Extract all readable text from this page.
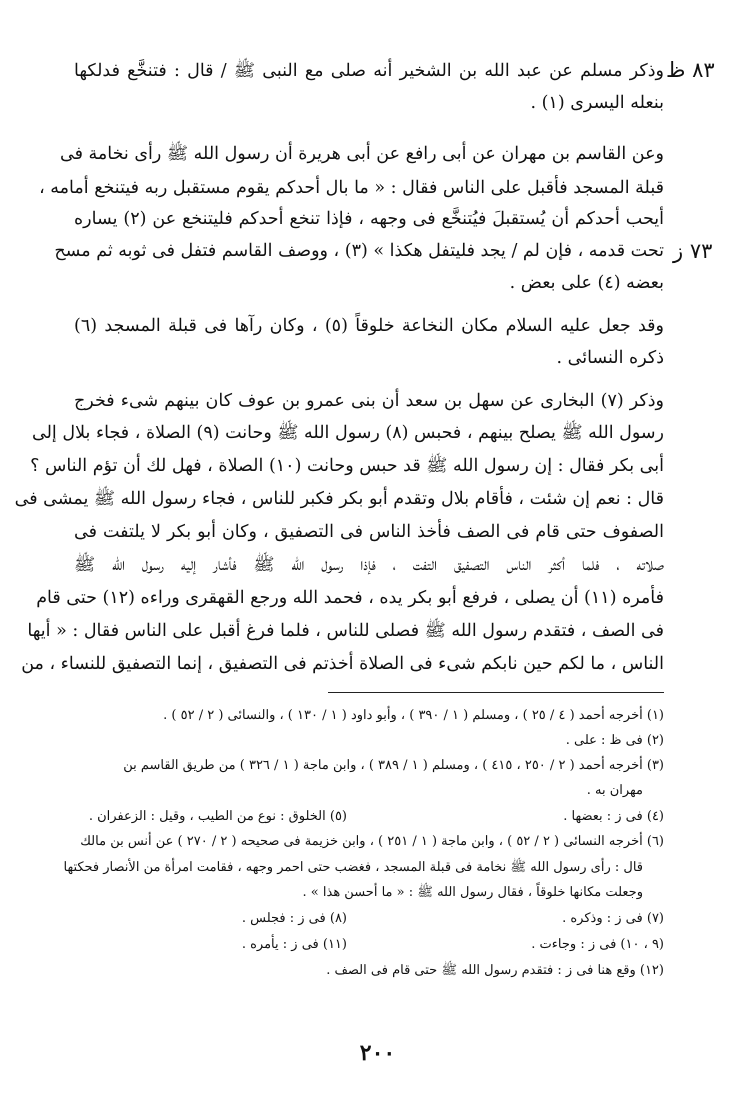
٨٣ ظ
٧٣ ز
وذكر مسلم عن عبد الله بن الشخير أنه صلى مع النبى ﷺ / قال : فتنخَّع فدلكها
بنعله اليسرى (١) .
وعن القاسم بن مهران عن أبى رافع عن أبى هريرة أن رسول الله ﷺ رأى نخامة فى
قبلة المسجد فأقبل على الناس فقال : « ما بال أحدكم يقوم مستقبل ربه فيتنخع أمامه ،
أيحب أحدكم أن يُستقبلَ فيُتنخَّع فى وجهه ، فإذا تنخع أحدكم فليتنخع عن (٢) يساره
تحت قدمه ، فإن لم / يجد فليتفل هكذا » (٣) ، ووصف القاسم فتفل فى ثوبه ثم مسح
بعضه (٤) على بعض .
وقد جعل عليه السلام مكان النخاعة خلوقاً (٥) ، وكان رآها فى قبلة المسجد (٦)
ذكره النسائى .
وذكر (٧) البخارى عن سهل بن سعد أن بنى عمرو بن عوف كان بينهم شىء فخرج
رسول الله ﷺ يصلح بينهم ، فحبس (٨) رسول الله ﷺ وحانت (٩) الصلاة ، فجاء بلال إلى
أبى بكر فقال : إن رسول الله ﷺ قد حبس وحانت (١٠) الصلاة ، فهل لك أن تؤم الناس ؟
قال : نعم إن شئت ، فأقام بلال وتقدم أبو بكر فكبر للناس ، فجاء رسول الله ﷺ يمشى فى
الصفوف حتى قام فى الصف فأخذ الناس فى التصفيق ، وكان أبو بكر لا يلتفت فى
صلاته ، فلما أكثر الناس التصفيق التفت ، فإذا رسول الله ﷺ فأشار إليه رسول الله ﷺ
فأمره (١١) أن يصلى ، فرفع أبو بكر يده ، فحمد الله ورجع القهقرى وراءه (١٢) حتى قام
فى الصف ، فتقدم رسول الله ﷺ فصلى للناس ، فلما فرغ أقبل على الناس فقال : « أيها
الناس ، ما لكم حين نابكم شىء فى الصلاة أخذتم فى التصفيق ، إنما التصفيق للنساء ، من
(١) أخرجه أحمد ( ٤ / ٢٥ ) ، ومسلم ( ١ / ٣٩٠ ) ، وأبو داود ( ١ / ١٣٠ ) ، والنسائى ( ٢ / ٥٢ ) .
(٢) فى ظ : على .
(٣) أخرجه أحمد ( ٢ / ٢٥٠ ، ٤١٥ ) ، ومسلم ( ١ / ٣٨٩ ) ، وابن ماجة ( ١ / ٣٢٦ ) من طريق القاسم بن
مهران به .
(٤) فى ز : بعضها .
(٥) الخلوق : نوع من الطيب ، وقيل : الزعفران .
(٦) أخرجه النسائى ( ٢ / ٥٢ ) ، وابن ماجة ( ١ / ٢٥١ ) ، وابن خزيمة فى صحيحه ( ٢ / ٢٧٠ ) عن أنس بن مالك
قال : رأى رسول الله ﷺ نخامة فى قبلة المسجد ، فغضب حتى احمر وجهه ، فقامت امرأة من الأنصار فحكتها
وجعلت مكانها خلوقاً ، فقال رسول الله ﷺ : « ما أحسن هذا » .
(٧) فى ز : وذكره .
(٨) فى ز : فجلس .
(٩ ، ١٠) فى ز : وجاءت .
(١١) فى ز : يأمره .
(١٢) وقع هنا فى ز : فتقدم رسول الله ﷺ حتى قام فى الصف .
٢٠٠
